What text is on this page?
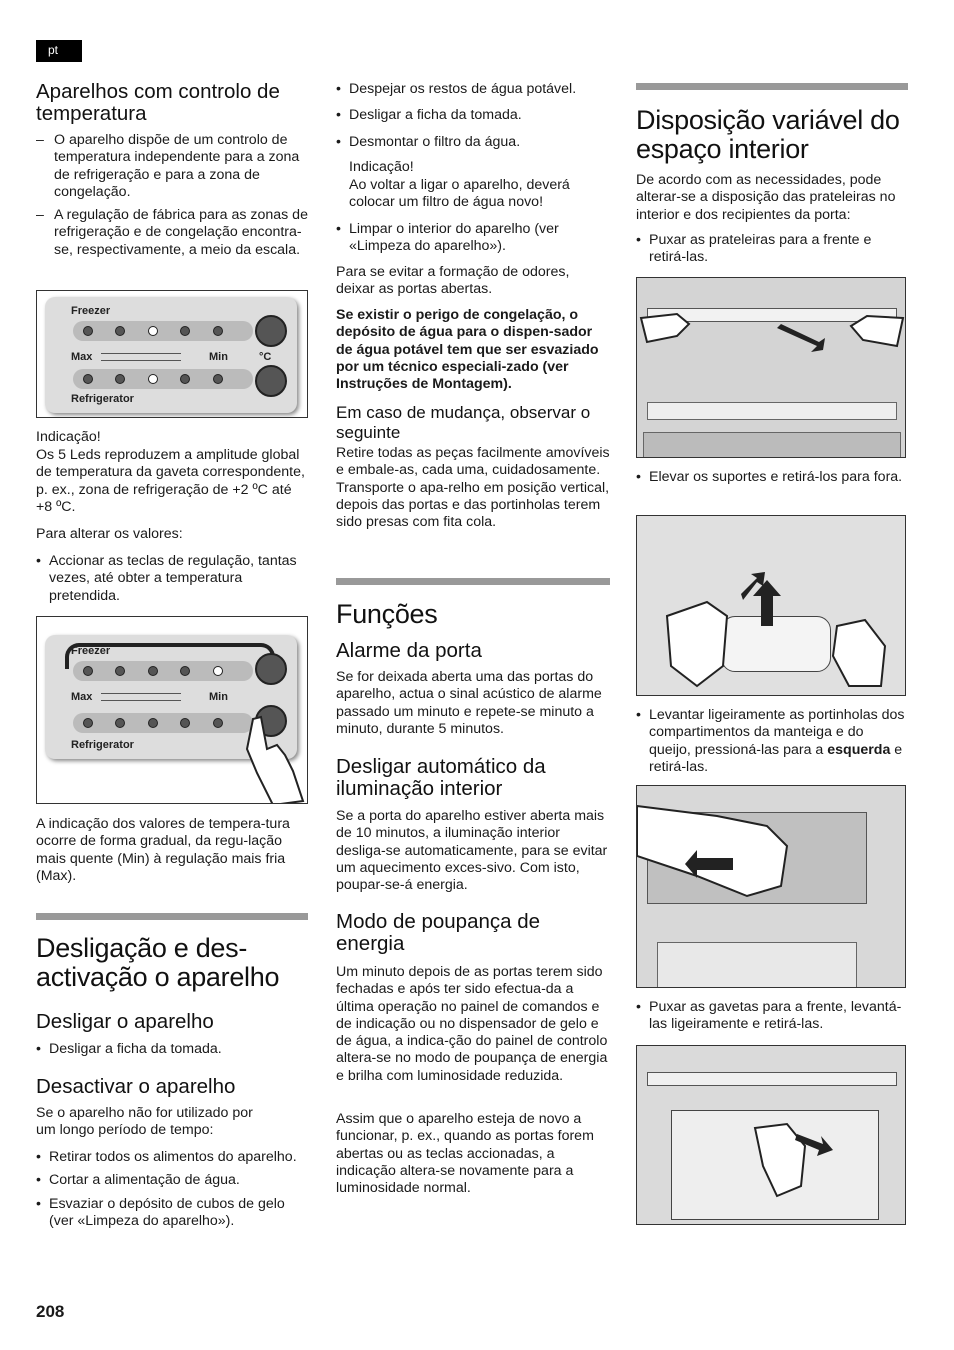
pt
Aparelhos com controlo de temperatura
– O aparelho dispõe de um controlo de temperatura independente para a zona de refrigeração e para a zona de congelação.
– A regulação de fábrica para as zonas de refrigeração e de congelação encontra-se, respectivamente, a meio da escala.
Freezer
Max	Min	°C
Refrigerator

Indicação!

Os 5 Leds reproduzem a amplitude global de temperatura da gaveta correspondente, p. ex., zona de refrigeração de +2 ºC até +8 ºC.

Para alterar os valores:

• Accionar as teclas de regulação, tantas vezes, até obter a temperatura pretendida.
Freezer
Max	Min
Refrigerator

A indicação dos valores de tempera-tura ocorre de forma gradual, da regu-lação mais quente (Min) à regulação mais fria (Max).

Desligação e des-activação o aparelho
Desligar o aparelho
• Desligar a ficha da tomada.
Desactivar o aparelho

Se o aparelho não for utilizado por um longo período de tempo:

• Retirar todos os alimentos do aparelho.
• Cortar a alimentação de água.
• Esvaziar o depósito de cubos de gelo (ver «Limpeza do aparelho»).
• Despejar os restos de água potável.
• Desligar a ficha da tomada.
• Desmontar o filtro da água.

Indicação!

Ao voltar a ligar o aparelho, deverá colocar um filtro de água novo!

• Limpar o interior do aparelho (ver «Limpeza do aparelho»).

Para se evitar a formação de odores, deixar as portas abertas.

Se existir o perigo de congelação, o depósito de água para o dispen-sador de água potável tem que ser esvaziado por um técnico especiali-zado (ver Instruções de Montagem).

Em caso de mudança, observar o seguinte

Retire todas as peças facilmente amovíveis e embale-as, cada uma, cuidadosamente. Transporte o apa-relho em posição vertical, depois das portas e das portinholas terem sido presas com fita cola.

Funções
Alarme da porta

Se for deixada aberta uma das portas do aparelho, actua o sinal acústico de alarme passado um minuto e repete-se minuto a minuto, durante 5 minutos.

Desligar automático da iluminação interior

Se a porta do aparelho estiver aberta mais de 10 minutos, a iluminação interior desliga-se automaticamente, para se evitar um aquecimento exces-sivo. Com isto, poupar-se-á energia.

Modo de poupança de energia

Um minuto depois de as portas terem sido fechadas e após ter sido efectua-da a última operação no painel de comandos e de indicação ou no dispensador de gelo e de água, a indica-ção do painel de controlo altera-se no modo de poupança de energia e brilha com luminosidade reduzida.

Assim que o aparelho esteja de novo a funcionar, p. ex., quando as portas forem abertas ou as teclas accionadas, a indicação altera-se novamente para a luminosidade normal.

Disposição variável do espaço interior

De acordo com as necessidades, pode alterar-se a disposição das prateleiras no interior e dos recipientes da porta:

• Puxar as prateleiras para a frente e retirá-las.
• Elevar os suportes e retirá-los para fora.
• Levantar ligeiramente as portinholas dos compartimentos da manteiga e do queijo, pressioná-las para a esquerda e retirá-las.
• Puxar as gavetas para a frente, levantá-las ligeiramente e retirá-las.
208
